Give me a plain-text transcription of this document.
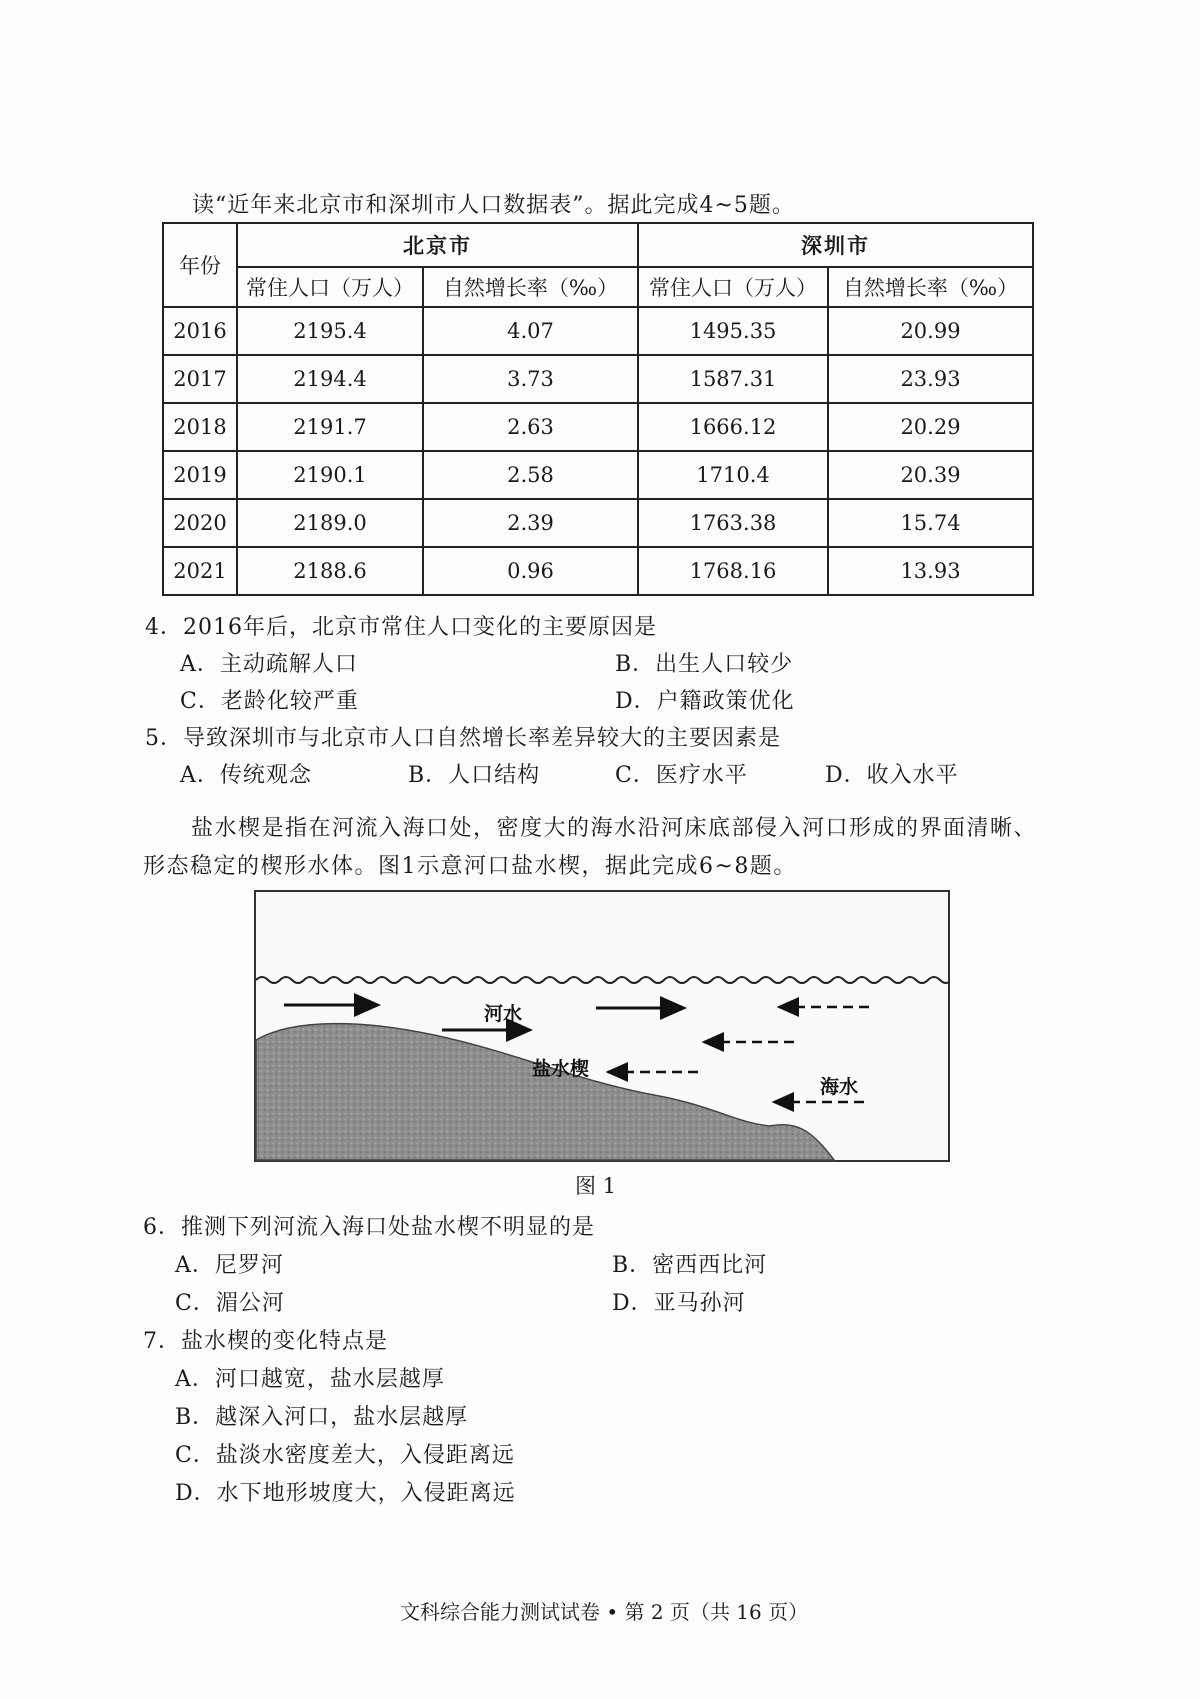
读“近年来北京市和深圳市人口数据表”。据此完成4~5题。
年份	北京市		深圳市	
	常住人口（万人）	自然增长率（‰）	常住人口（万人）	自然增长率（‰）
2016	2195.4	4.07	1495.35	20.99
2017	2194.4	3.73	1587.31	23.93
2018	2191.7	2.63	1666.12	20.29
2019	2190.1	2.58	1710.4	20.39
2020	2189.0	2.39	1763.38	15.74
2021	2188.6	0.96	1768.16	13.93
4．2016年后，北京市常住人口变化的主要原因是
A．主动疏解人口	B．出生人口较少
C．老龄化较严重	D．户籍政策优化
5．导致深圳市与北京市人口自然增长率差异较大的主要因素是
A．传统观念	B．人口结构	C．医疗水平	D．收入水平
盐水楔是指在河流入海口处，密度大的海水沿河床底部侵入河口形成的界面清晰、形态稳定的楔形水体。图1示意河口盐水楔，据此完成6~8题。
河水
盐水楔
海水
图 1
6．推测下列河流入海口处盐水楔不明显的是
A．尼罗河	B．密西西比河
C．湄公河	D．亚马孙河
7．盐水楔的变化特点是
A．河口越宽，盐水层越厚
B．越深入河口，盐水层越厚
C．盐淡水密度差大，入侵距离远
D．水下地形坡度大，入侵距离远
文科综合能力测试试卷 • 第 2 页（共 16 页）
